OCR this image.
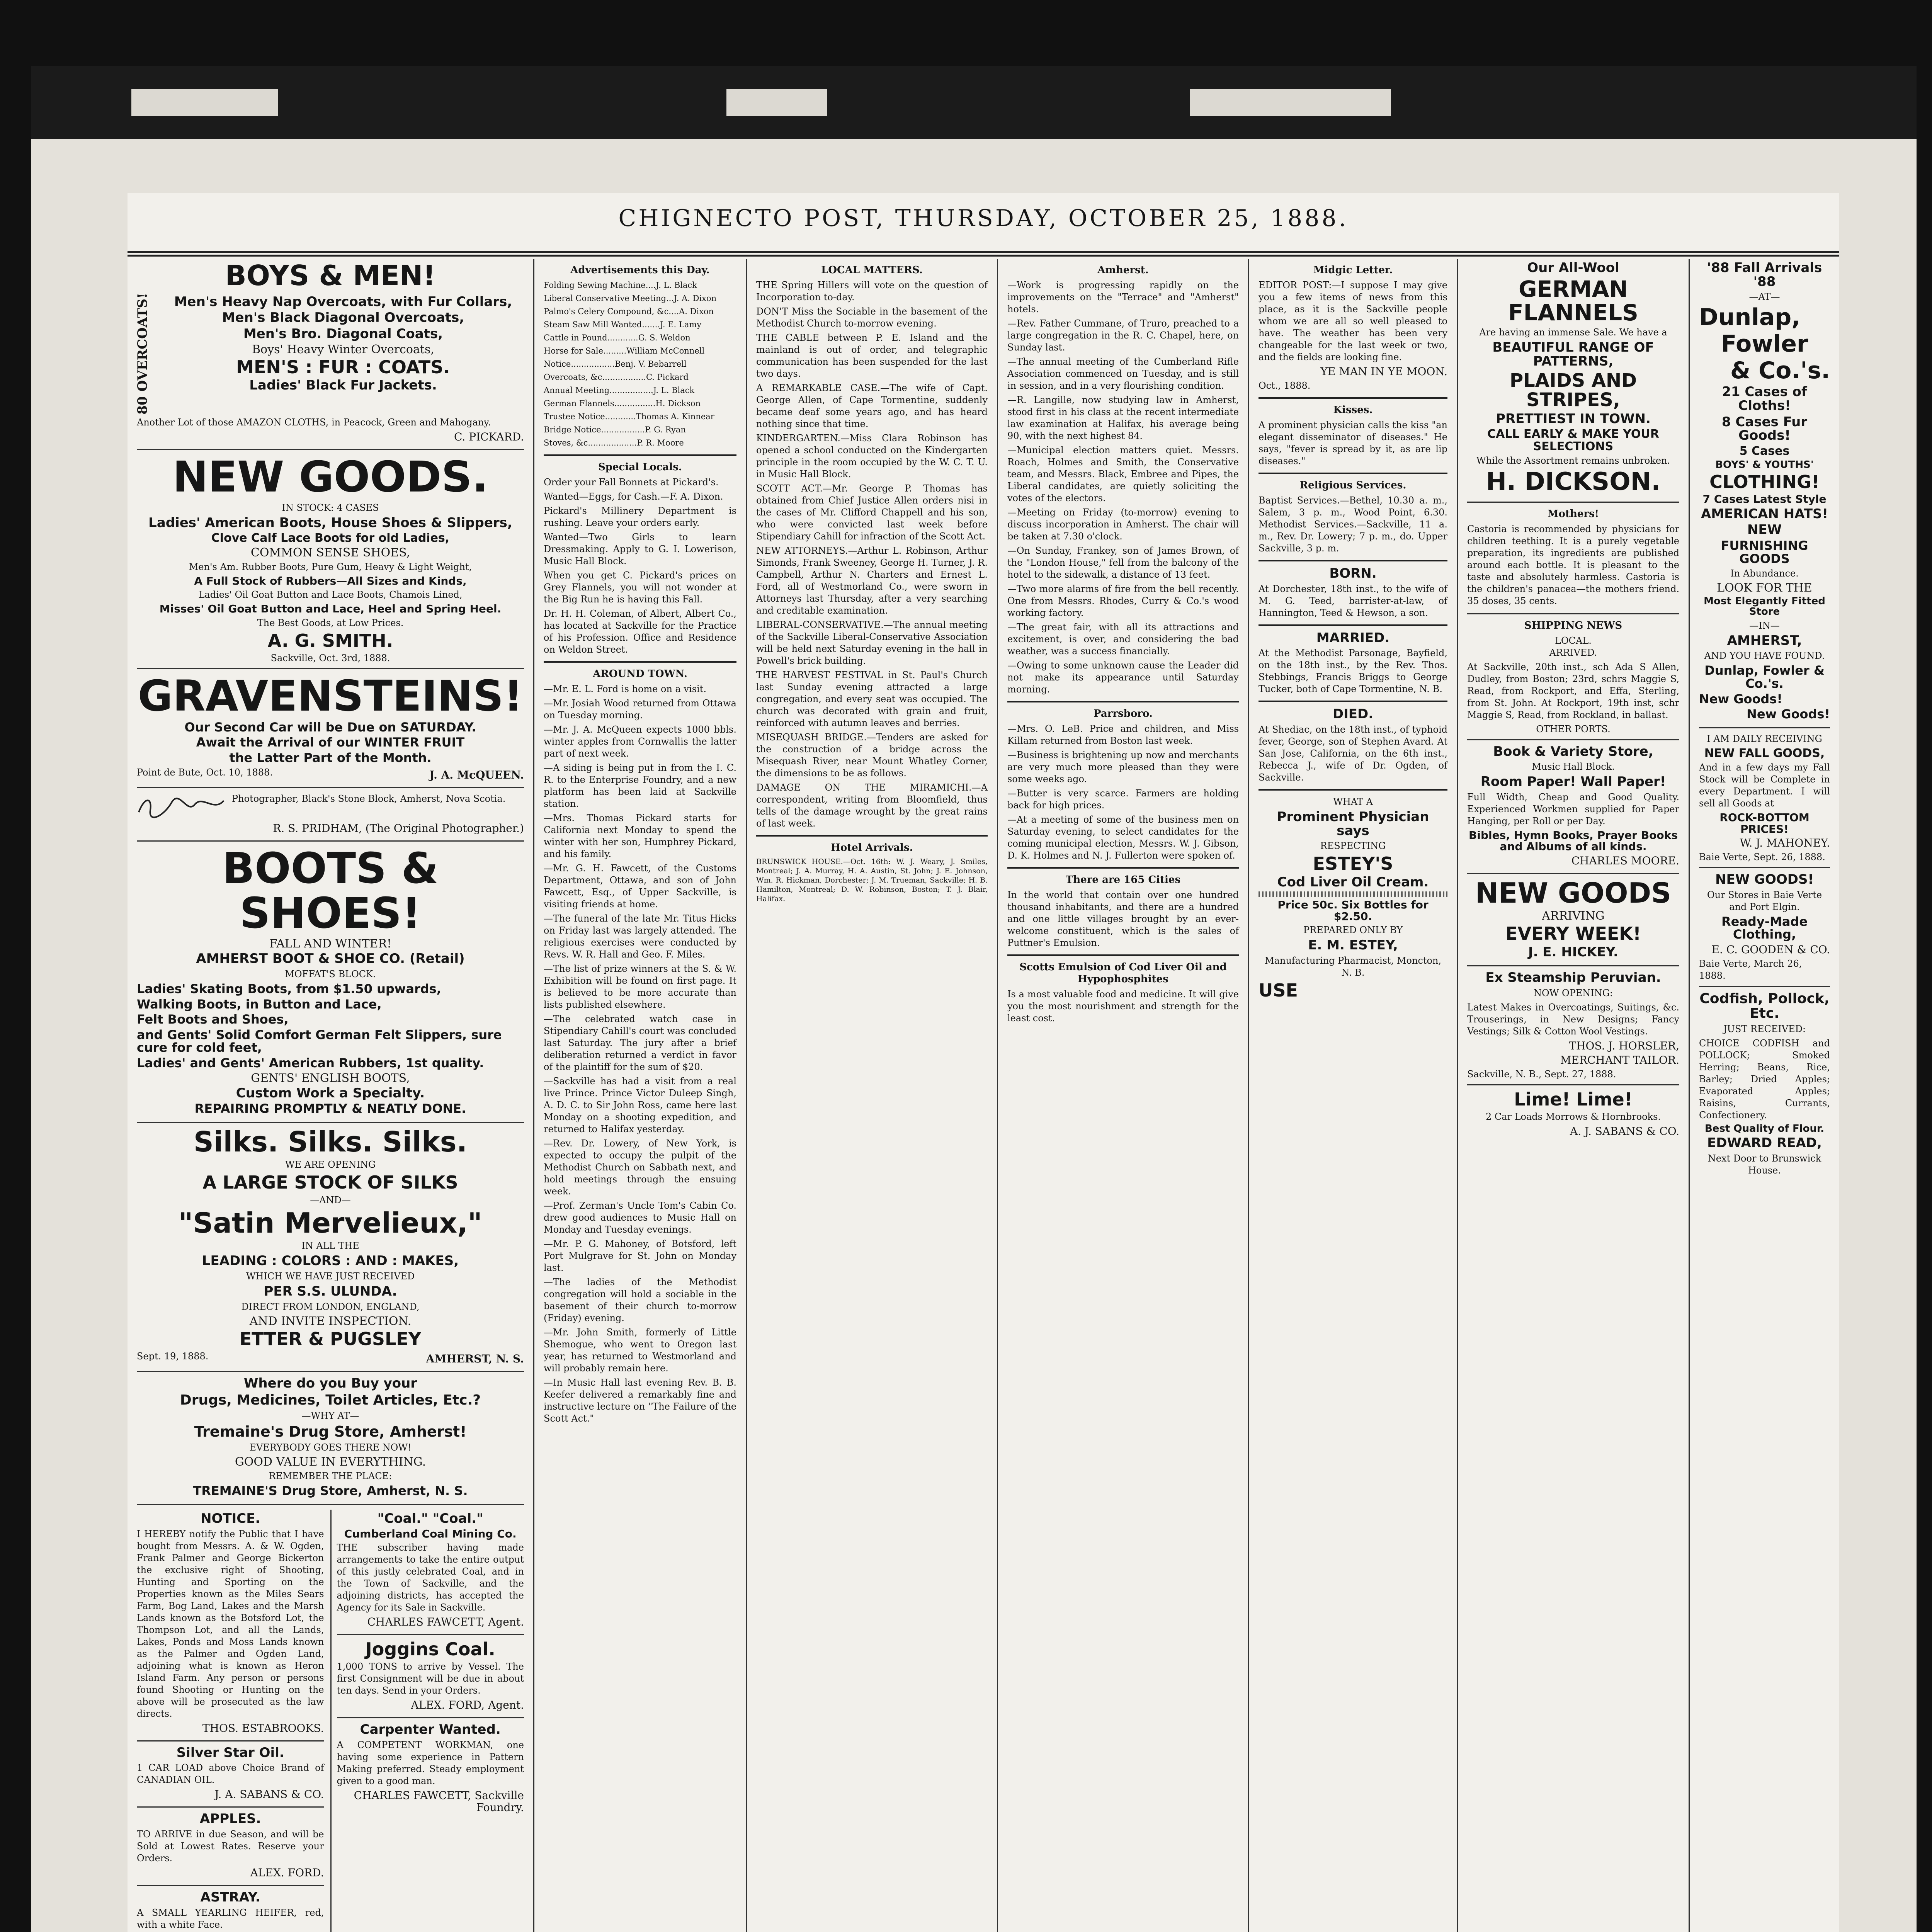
CHIGNECTO POST, THURSDAY, OCTOBER 25, 1888.
BOYS & MEN!
80 OVERCOATS!	Men's Heavy Nap Overcoats, with Fur Collars,
Men's Black Diagonal Overcoats,
Men's Bro. Diagonal Coats,
Boys' Heavy Winter Overcoats,
MEN'S : FUR : COATS.
Ladies' Black Fur Jackets.
Another Lot of those AMAZON CLOTHS, in Peacock, Green and Mahogany.
C. PICKARD.
NEW GOODS.
IN STOCK: 4 CASES
Ladies' American Boots, House Shoes & Slippers,
Clove Calf Lace Boots for old Ladies,
COMMON SENSE SHOES,
Men's Am. Rubber Boots, Pure Gum, Heavy & Light Weight,
A Full Stock of Rubbers—All Sizes and Kinds,
Ladies' Oil Goat Button and Lace Boots, Chamois Lined,
Misses' Oil Goat Button and Lace, Heel and Spring Heel.
The Best Goods, at Low Prices.
A. G. SMITH.
Sackville, Oct. 3rd, 1888.
GRAVENSTEINS!
Our Second Car will be Due on SATURDAY.
Await the Arrival of our WINTER FRUIT
the Latter Part of the Month.
Point de Bute, Oct. 10, 1888.	J. A. McQUEEN.
Photographer, Black's Stone Block, Amherst, Nova Scotia.
R. S. PRIDHAM, (The Original Photographer.)
BOOTS & SHOES!
FALL AND WINTER!
AMHERST BOOT & SHOE CO. (Retail)
MOFFAT'S BLOCK.
Ladies' Skating Boots, from $1.50 upwards,
Walking Boots, in Button and Lace,
Felt Boots and Shoes,
and Gents' Solid Comfort German Felt Slippers, sure cure for cold feet,
Ladies' and Gents' American Rubbers, 1st quality.
GENTS' ENGLISH BOOTS,
Custom Work a Specialty.
REPAIRING PROMPTLY & NEATLY DONE.
Silks. Silks. Silks.
WE ARE OPENING
A LARGE STOCK OF SILKS
—AND—
"Satin Mervelieux,"
IN ALL THE
LEADING : COLORS : AND : MAKES,
WHICH WE HAVE JUST RECEIVED
PER S.S. ULUNDA.
DIRECT FROM LONDON, ENGLAND,
AND INVITE INSPECTION.
ETTER & PUGSLEY
Sept. 19, 1888.	AMHERST, N. S.
Where do you Buy your
Drugs, Medicines, Toilet Articles, Etc.?
—WHY AT—
Tremaine's Drug Store, Amherst!
EVERYBODY GOES THERE NOW!
GOOD VALUE IN EVERYTHING.
REMEMBER THE PLACE:
TREMAINE'S Drug Store, Amherst, N. S.
NOTICE.
I HEREBY notify the Public that I have bought from Messrs. A. & W. Ogden, Frank Palmer and George Bickerton the exclusive right of Shooting, Hunting and Sporting on the Properties known as the Miles Sears Farm, Bog Land, Lakes and the Marsh Lands known as the Botsford Lot, the Thompson Lot, and all the Lands, Lakes, Ponds and Moss Lands known as the Palmer and Ogden Land, adjoining what is known as Heron Island Farm. Any person or persons found Shooting or Hunting on the above will be prosecuted as the law directs.
THOS. ESTABROOKS.
Silver Star Oil.
1 CAR LOAD above Choice Brand of CANADIAN OIL.
J. A. SABANS & CO.
APPLES.
TO ARRIVE in due Season, and will be Sold at Lowest Rates. Reserve your Orders.
ALEX. FORD.
ASTRAY.
A SMALL YEARLING HEIFER, red, with a white Face.
"Coal." "Coal."
Cumberland Coal Mining Co.
THE subscriber having made arrangements to take the entire output of this justly celebrated Coal, and in the Town of Sackville, and the adjoining districts, has accepted the Agency for its Sale in Sackville.
CHARLES FAWCETT, Agent.
Joggins Coal.
1,000 TONS to arrive by Vessel. The first Consignment will be due in about ten days. Send in your Orders.
ALEX. FORD, Agent.
Carpenter Wanted.
A COMPETENT WORKMAN, one having some experience in Pattern Making preferred. Steady employment given to a good man.
CHARLES FAWCETT, Sackville Foundry.
Advertisements this Day.
Folding Sewing Machine....J. L. Black
Liberal Conservative Meeting...J. A. Dixon
Palmo's Celery Compound, &c....A. Dixon
Steam Saw Mill Wanted.......J. E. Lamy
Cattle in Pound............G. S. Weldon
Horse for Sale.........William McConnell
Notice.................Benj. V. Bebarrell
Overcoats, &c.................C. Pickard
Annual Meeting.................J. L. Black
German Flannels................H. Dickson
Trustee Notice............Thomas A. Kinnear
Bridge Notice.................P. G. Ryan
Stoves, &c...................P. R. Moore
Special Locals.
Order your Fall Bonnets at Pickard's.
Wanted—Eggs, for Cash.—F. A. Dixon.
Pickard's Millinery Department is rushing. Leave your orders early.
Wanted—Two Girls to learn Dressmaking. Apply to G. I. Lowerison, Music Hall Block.
When you get C. Pickard's prices on Grey Flannels, you will not wonder at the Big Run he is having this Fall.
Dr. H. H. Coleman, of Albert, Albert Co., has located at Sackville for the Practice of his Profession. Office and Residence on Weldon Street.
AROUND TOWN.
—Mr. E. L. Ford is home on a visit.
—Mr. Josiah Wood returned from Ottawa on Tuesday morning.
—Mr. J. A. McQueen expects 1000 bbls. winter apples from Cornwallis the latter part of next week.
—A siding is being put in from the I. C. R. to the Enterprise Foundry, and a new platform has been laid at Sackville station.
—Mrs. Thomas Pickard starts for California next Monday to spend the winter with her son, Humphrey Pickard, and his family.
—Mr. G. H. Fawcett, of the Customs Department, Ottawa, and son of John Fawcett, Esq., of Upper Sackville, is visiting friends at home.
—The funeral of the late Mr. Titus Hicks on Friday last was largely attended. The religious exercises were conducted by Revs. W. R. Hall and Geo. F. Miles.
—The list of prize winners at the S. & W. Exhibition will be found on first page. It is believed to be more accurate than lists published elsewhere.
—The celebrated watch case in Stipendiary Cahill's court was concluded last Saturday. The jury after a brief deliberation returned a verdict in favor of the plaintiff for the sum of $20.
—Sackville has had a visit from a real live Prince. Prince Victor Duleep Singh, A. D. C. to Sir John Ross, came here last Monday on a shooting expedition, and returned to Halifax yesterday.
—Rev. Dr. Lowery, of New York, is expected to occupy the pulpit of the Methodist Church on Sabbath next, and hold meetings through the ensuing week.
—Prof. Zerman's Uncle Tom's Cabin Co. drew good audiences to Music Hall on Monday and Tuesday evenings.
—Mr. P. G. Mahoney, of Botsford, left Port Mulgrave for St. John on Monday last.
—The ladies of the Methodist congregation will hold a sociable in the basement of their church to-morrow (Friday) evening.
—Mr. John Smith, formerly of Little Shemogue, who went to Oregon last year, has returned to Westmorland and will probably remain here.
—In Music Hall last evening Rev. B. B. Keefer delivered a remarkably fine and instructive lecture on "The Failure of the Scott Act."
LOCAL MATTERS.
THE Spring Hillers will vote on the question of Incorporation to-day.
DON'T Miss the Sociable in the basement of the Methodist Church to-morrow evening.
THE CABLE between P. E. Island and the mainland is out of order, and telegraphic communication has been suspended for the last two days.
A REMARKABLE CASE.—The wife of Capt. George Allen, of Cape Tormentine, suddenly became deaf some years ago, and has heard nothing since that time.
KINDERGARTEN.—Miss Clara Robinson has opened a school conducted on the Kindergarten principle in the room occupied by the W. C. T. U. in Music Hall Block.
SCOTT ACT.—Mr. George P. Thomas has obtained from Chief Justice Allen orders nisi in the cases of Mr. Clifford Chappell and his son, who were convicted last week before Stipendiary Cahill for infraction of the Scott Act.
NEW ATTORNEYS.—Arthur L. Robinson, Arthur Simonds, Frank Sweeney, George H. Turner, J. R. Campbell, Arthur N. Charters and Ernest L. Ford, all of Westmorland Co., were sworn in Attorneys last Thursday, after a very searching and creditable examination.
LIBERAL-CONSERVATIVE.—The annual meeting of the Sackville Liberal-Conservative Association will be held next Saturday evening in the hall in Powell's brick building.
THE HARVEST FESTIVAL in St. Paul's Church last Sunday evening attracted a large congregation, and every seat was occupied. The church was decorated with grain and fruit, reinforced with autumn leaves and berries.
MISEQUASH BRIDGE.—Tenders are asked for the construction of a bridge across the Misequash River, near Mount Whatley Corner, the dimensions to be as follows.
DAMAGE ON THE MIRAMICHI.—A correspondent, writing from Bloomfield, thus tells of the damage wrought by the great rains of last week.
Hotel Arrivals.
BRUNSWICK HOUSE.—Oct. 16th: W. J. Weary, J. Smiles, Montreal; J. A. Murray, H. A. Austin, St. John; J. E. Johnson, Wm. R. Hickman, Dorchester; J. M. Trueman, Sackville; H. B. Hamilton, Montreal; D. W. Robinson, Boston; T. J. Blair, Halifax.
Amherst.
—Work is progressing rapidly on the improvements on the "Terrace" and "Amherst" hotels.
—Rev. Father Cummane, of Truro, preached to a large congregation in the R. C. Chapel, here, on Sunday last.
—The annual meeting of the Cumberland Rifle Association commenced on Tuesday, and is still in session, and in a very flourishing condition.
—R. Langille, now studying law in Amherst, stood first in his class at the recent intermediate law examination at Halifax, his average being 90, with the next highest 84.
—Municipal election matters quiet. Messrs. Roach, Holmes and Smith, the Conservative team, and Messrs. Black, Embree and Pipes, the Liberal candidates, are quietly soliciting the votes of the electors.
—Meeting on Friday (to-morrow) evening to discuss incorporation in Amherst. The chair will be taken at 7.30 o'clock.
—On Sunday, Frankey, son of James Brown, of the "London House," fell from the balcony of the hotel to the sidewalk, a distance of 13 feet.
—Two more alarms of fire from the bell recently. One from Messrs. Rhodes, Curry & Co.'s wood working factory.
—The great fair, with all its attractions and excitement, is over, and considering the bad weather, was a success financially.
—Owing to some unknown cause the Leader did not make its appearance until Saturday morning.
Parrsboro.
—Mrs. O. LeB. Price and children, and Miss Killam returned from Boston last week.
—Business is brightening up now and merchants are very much more pleased than they were some weeks ago.
—Butter is very scarce. Farmers are holding back for high prices.
—At a meeting of some of the business men on Saturday evening, to select candidates for the coming municipal election, Messrs. W. J. Gibson, D. K. Holmes and N. J. Fullerton were spoken of.
There are 165 Cities
In the world that contain over one hundred thousand inhabitants, and there are a hundred and one little villages brought by an ever-welcome constituent, which is the sales of Puttner's Emulsion.
Scotts Emulsion of Cod Liver Oil and Hypophosphites
Is a most valuable food and medicine. It will give you the most nourishment and strength for the least cost.
Midgic Letter.
EDITOR POST:—I suppose I may give you a few items of news from this place, as it is the Sackville people whom we are all so well pleased to have. The weather has been very changeable for the last week or two, and the fields are looking fine.
YE MAN IN YE MOON.
Oct., 1888.
Kisses.
A prominent physician calls the kiss "an elegant disseminator of diseases." He says, "fever is spread by it, as are lip diseases."
Religious Services.
Baptist Services.—Bethel, 10.30 a. m., Salem, 3 p. m., Wood Point, 6.30. Methodist Services.—Sackville, 11 a. m., Rev. Dr. Lowery; 7 p. m., do. Upper Sackville, 3 p. m.
BORN.
At Dorchester, 18th inst., to the wife of M. G. Teed, barrister-at-law, of Hannington, Teed & Hewson, a son.
MARRIED.
At the Methodist Parsonage, Bayfield, on the 18th inst., by the Rev. Thos. Stebbings, Francis Briggs to George Tucker, both of Cape Tormentine, N. B.
DIED.
At Shediac, on the 18th inst., of typhoid fever, George, son of Stephen Avard. At San Jose, California, on the 6th inst., Rebecca J., wife of Dr. Ogden, of Sackville.
WHAT A
Prominent Physician says
RESPECTING
ESTEY'S
Cod Liver Oil Cream.
Price 50c. Six Bottles for $2.50.
PREPARED ONLY BY
E. M. ESTEY,
Manufacturing Pharmacist, Moncton, N. B.
USE
Our All-Wool
GERMAN FLANNELS
Are having an immense Sale. We have a
BEAUTIFUL RANGE OF PATTERNS,
PLAIDS AND STRIPES,
PRETTIEST IN TOWN.
CALL EARLY & MAKE YOUR SELECTIONS
While the Assortment remains unbroken.
H. DICKSON.
Mothers!
Castoria is recommended by physicians for children teething. It is a purely vegetable preparation, its ingredients are published around each bottle. It is pleasant to the taste and absolutely harmless. Castoria is the children's panacea—the mothers friend. 35 doses, 35 cents.
SHIPPING NEWS
LOCAL.
ARRIVED.
At Sackville, 20th inst., sch Ada S Allen, Dudley, from Boston; 23rd, schrs Maggie S, Read, from Rockport, and Effa, Sterling, from St. John. At Rockport, 19th inst, schr Maggie S, Read, from Rockland, in ballast.
OTHER PORTS.
Book & Variety Store,
Music Hall Block.
Room Paper! Wall Paper!
Full Width, Cheap and Good Quality. Experienced Workmen supplied for Paper Hanging, per Roll or per Day.
Bibles, Hymn Books, Prayer Books and Albums of all kinds.
CHARLES MOORE.
NEW GOODS
ARRIVING
EVERY WEEK!
J. E. HICKEY.
Ex Steamship Peruvian.
NOW OPENING:
Latest Makes in Overcoatings, Suitings, &c. Trouserings, in New Designs; Fancy Vestings; Silk & Cotton Wool Vestings.
THOS. J. HORSLER,
MERCHANT TAILOR.
Sackville, N. B., Sept. 27, 1888.
Lime! Lime!
2 Car Loads Morrows & Hornbrooks.
A. J. SABANS & CO.
'88 Fall Arrivals '88
—AT—
Dunlap,
Fowler
& Co.'s.
21 Cases of Cloths!
8 Cases Fur Goods!
5 Cases
BOYS' & YOUTHS'
CLOTHING!
7 Cases Latest Style
AMERICAN HATS!
NEW
FURNISHING GOODS
In Abundance.
LOOK FOR THE
Most Elegantly Fitted Store
—IN—
AMHERST,
AND YOU HAVE FOUND.
Dunlap, Fowler & Co.'s.
New Goods!
New Goods!
I AM DAILY RECEIVING
NEW FALL GOODS,
And in a few days my Fall Stock will be Complete in every Department. I will sell all Goods at
ROCK-BOTTOM PRICES!
W. J. MAHONEY.
Baie Verte, Sept. 26, 1888.
NEW GOODS!
Our Stores in Baie Verte and Port Elgin.
Ready-Made Clothing,
E. C. GOODEN & CO.
Baie Verte, March 26, 1888.
Codfish, Pollock, Etc.
JUST RECEIVED:
CHOICE CODFISH and POLLOCK; Smoked Herring; Beans, Rice, Barley; Dried Apples; Evaporated Apples; Raisins, Currants, Confectionery.
Best Quality of Flour.
EDWARD READ,
Next Door to Brunswick House.
